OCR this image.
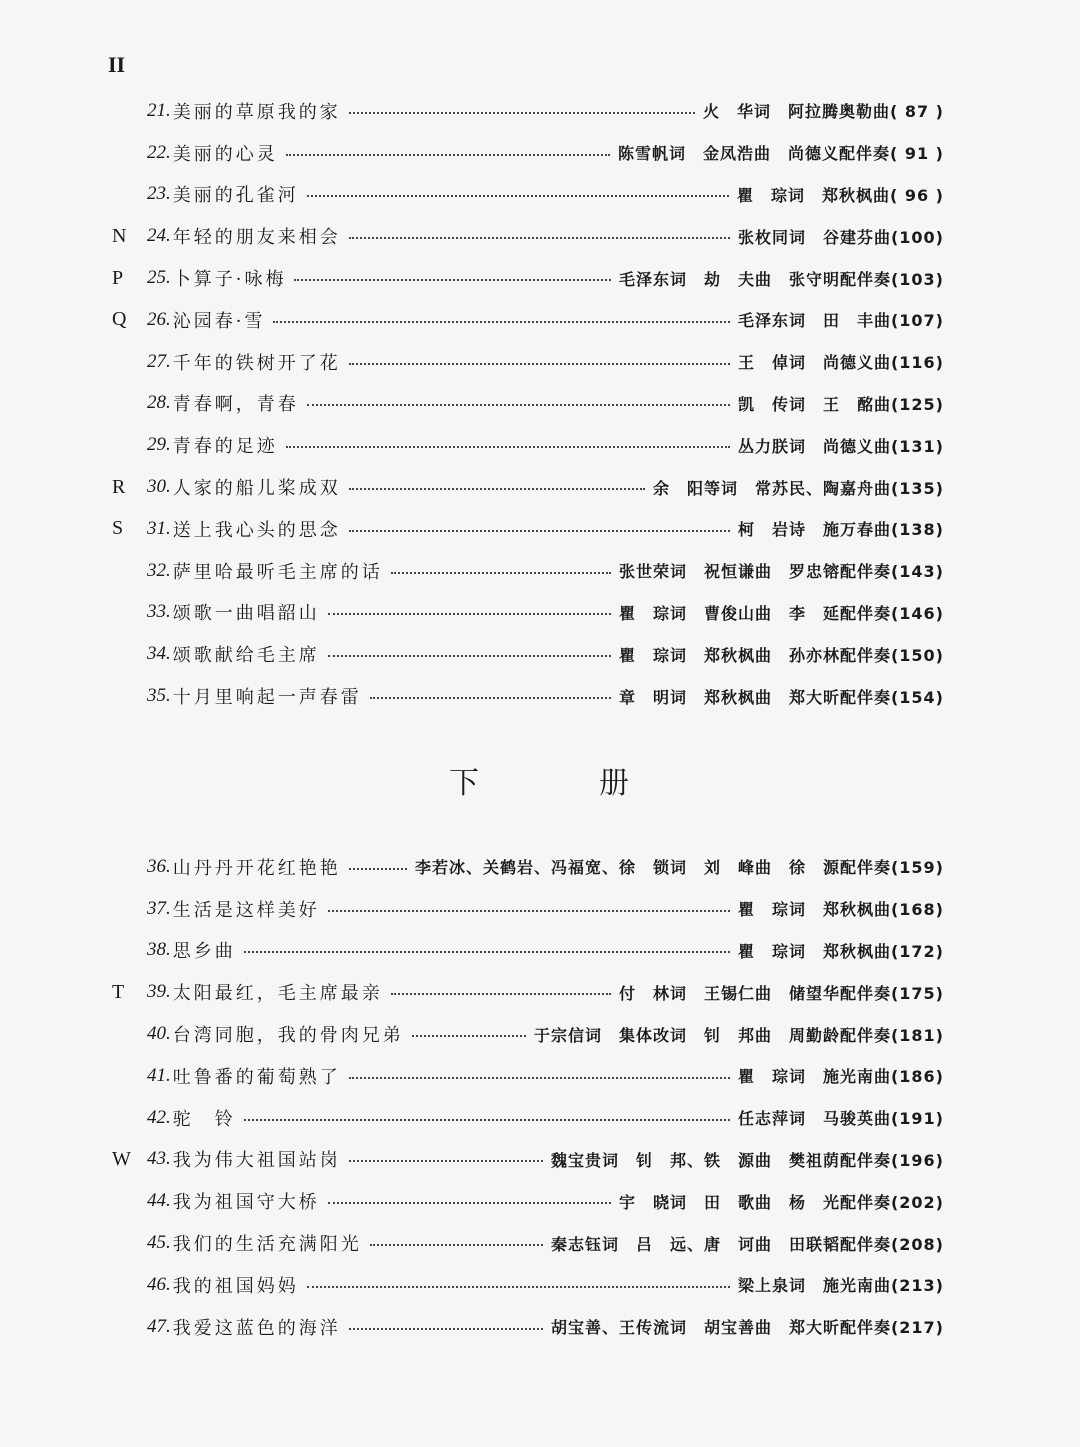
II
21. 美丽的草原我的家	火　华词　阿拉腾奥勒曲( 87 )
22. 美丽的心灵	陈雪帆词　金凤浩曲　尚德义配伴奏( 91 )
23. 美丽的孔雀河	瞿　琮词　郑秋枫曲( 96 )
N	24. 年轻的朋友来相会	张枚同词　谷建芬曲(100)
P	25. 卜算子·咏梅	毛泽东词　劫　夫曲　张守明配伴奏(103)
Q	26. 沁园春·雪	毛泽东词　田　丰曲(107)
27. 千年的铁树开了花	王　倬词　尚德义曲(116)
28. 青春啊，青春	凯　传词　王　酩曲(125)
29. 青春的足迹	丛力朕词　尚德义曲(131)
R	30. 人家的船儿桨成双	余　阳等词　常苏民、陶嘉舟曲(135)
S	31. 送上我心头的思念	柯　岩诗　施万春曲(138)
32. 萨里哈最听毛主席的话	张世荣词　祝恒谦曲　罗忠镕配伴奏(143)
33. 颂歌一曲唱韶山	瞿　琮词　曹俊山曲　李　延配伴奏(146)
34. 颂歌献给毛主席	瞿　琮词　郑秋枫曲　孙亦林配伴奏(150)
35. 十月里响起一声春雷	章　明词　郑秋枫曲　郑大昕配伴奏(154)
下	册
36. 山丹丹开花红艳艳	李若冰、关鹤岩、冯福宽、徐　锁词　刘　峰曲　徐　源配伴奏(159)
37. 生活是这样美好	瞿　琮词　郑秋枫曲(168)
38. 思乡曲	瞿　琮词　郑秋枫曲(172)
T	39. 太阳最红，毛主席最亲	付　林词　王锡仁曲　储望华配伴奏(175)
40. 台湾同胞，我的骨肉兄弟	于宗信词　集体改词　钊　邦曲　周勤龄配伴奏(181)
41. 吐鲁番的葡萄熟了	瞿　琮词　施光南曲(186)
42. 驼　铃	任志萍词　马骏英曲(191)
W 43. 我为伟大祖国站岗	魏宝贵词　钊　邦、铁　源曲　樊祖荫配伴奏(196)
44. 我为祖国守大桥	宇　晓词　田　歌曲　杨　光配伴奏(202)
45. 我们的生活充满阳光	秦志钰词　吕　远、唐　诃曲　田联韬配伴奏(208)
46. 我的祖国妈妈	梁上泉词　施光南曲(213)
47. 我爱这蓝色的海洋	胡宝善、王传流词　胡宝善曲　郑大昕配伴奏(217)
